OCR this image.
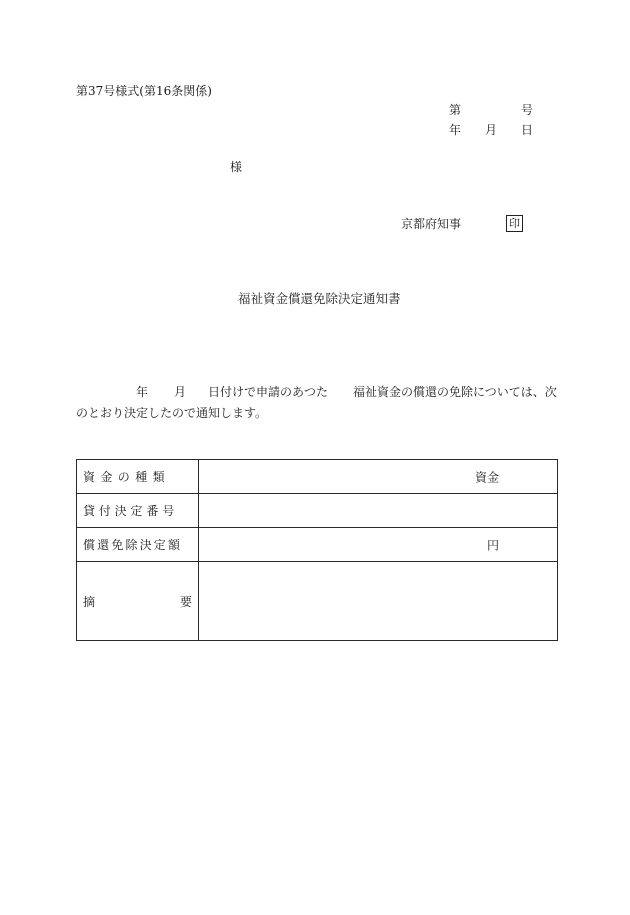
第37号様式(第16条関係)
第	号
年 月 日
様
京都府知事	印
福祉資金償還免除決定通知書
年 月 日付けで申請のあつた 福祉資金の償還の免除については、次
のとおり決定したので通知します。
資金の種類	資金

貸付決定番号	
償還免除決定額	円

摘 要	
